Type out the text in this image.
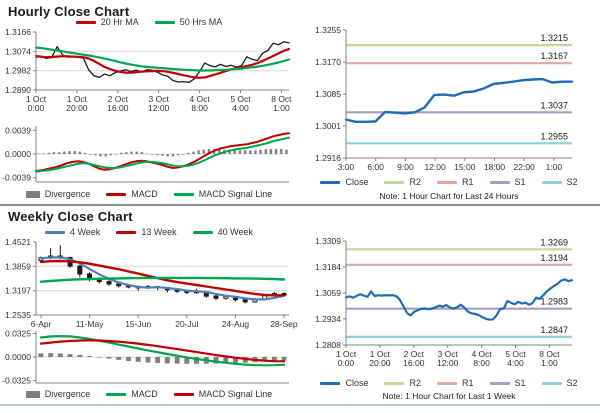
Hourly Close Chart
20 Hr MA	50 Hrs MA
1.2890
1.2982
1.3074
1.3166
1 Oct
0:00
1 Oct
20:00
2 Oct
16:00
3 Oct
12:00
4 Oct
8:00
5 Oct
4:00
8 Oct
1:00
-0.0039
0.0000
0.0039
Divergence	MACD	MACD Signal Line
1.3215
1.3167
1.3037
1.2955
1.2916
1.3001
1.3085
1.3170
1.3255
3:00 6:00 9:00 12:00 15:00 18:00 22:00 1:00
Close	R2	R1	S1	S2
Note: 1 Hour Chart for Last 24 Hours
Weekly Close Chart
4 Week	13 Week	40 Week
1.2535
1.3197
1.3859
1.4521
6-Apr	11-May	15-Jun	20-Jul	24-Aug 28-Sep
-0.0325
0.0000
0.0325
Divergence	MACD	MACD Signal Line
1.3269
1.3194
1.2983
1.2847
1.2808
1.2934
1.3059
1.3184
1.3309
1 Oct
0:00
1 Oct
20:00
2 Oct
16:00
3 Oct
12:00
4 Oct
8:00
5 Oct
4:00
8 Oct
1:00
Close	R2	R1	S1	S2
Note: 1 Hour Chart for Last 1 Week
